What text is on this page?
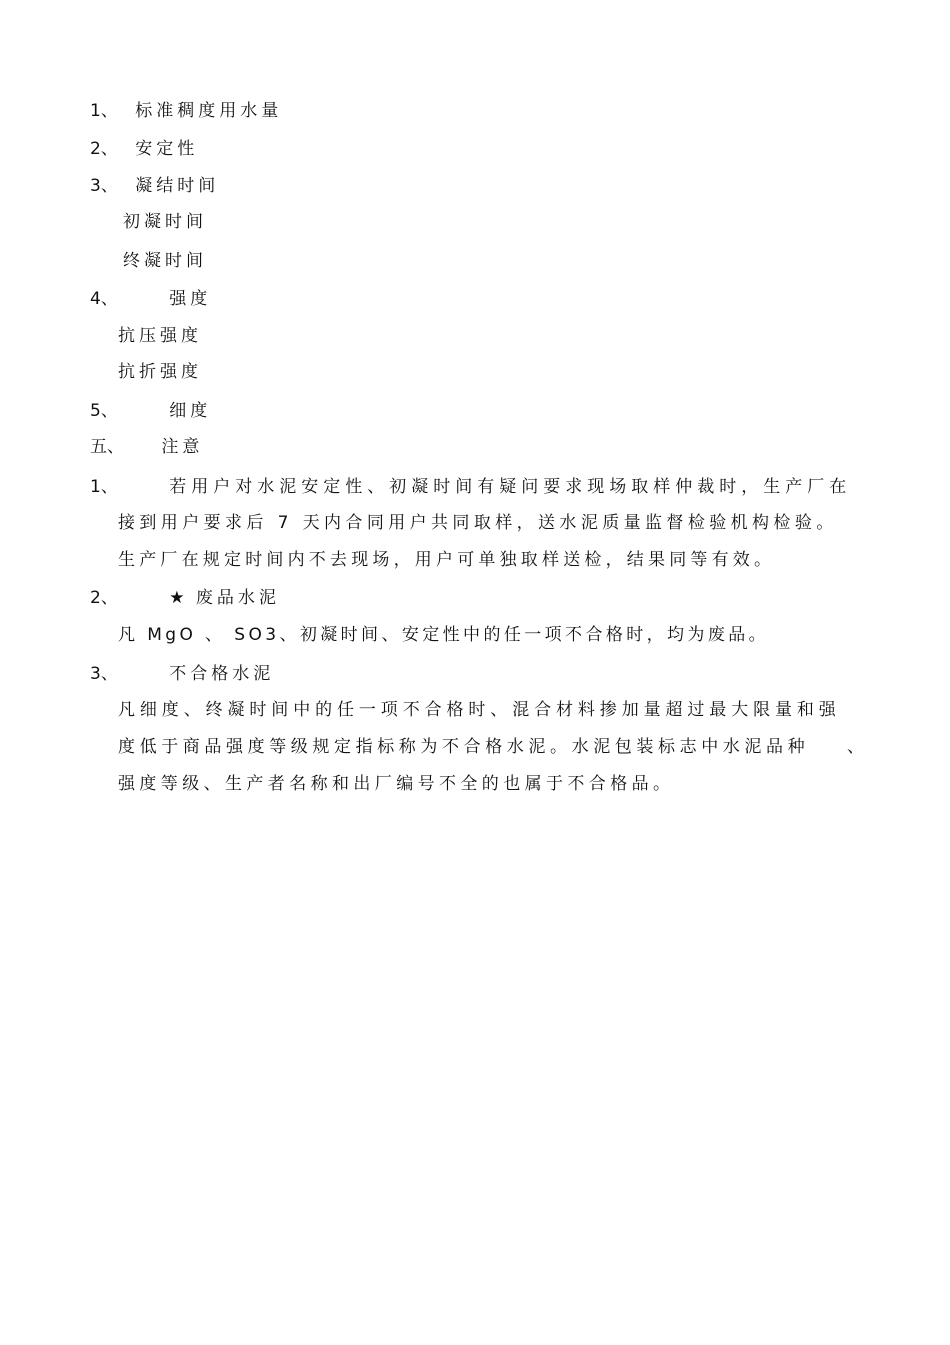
1、 标准稠度用水量
2、 安定性
3、 凝结时间
初凝时间
终凝时间
4、	强度
抗压强度
抗折强度
5、	细度
五、 注意
1、	若用户对水泥安定性、初凝时间有疑问要求现场取样仲裁时，生产厂在
接到用户要求后 7 天内合同用户共同取样，送水泥质量监督检验机构检验。
生产厂在规定时间内不去现场，用户可单独取样送检，结果同等有效。
2、	★ 废品水泥
凡 MgO 、 SO3、初凝时间、安定性中的任一项不合格时，均为废品。
3、	不合格水泥
凡细度、终凝时间中的任一项不合格时、混合材料掺加量超过最大限量和强
度低于商品强度等级规定指标称为不合格水泥。水泥包装标志中水泥品种 、
强度等级、生产者名称和出厂编号不全的也属于不合格品。
